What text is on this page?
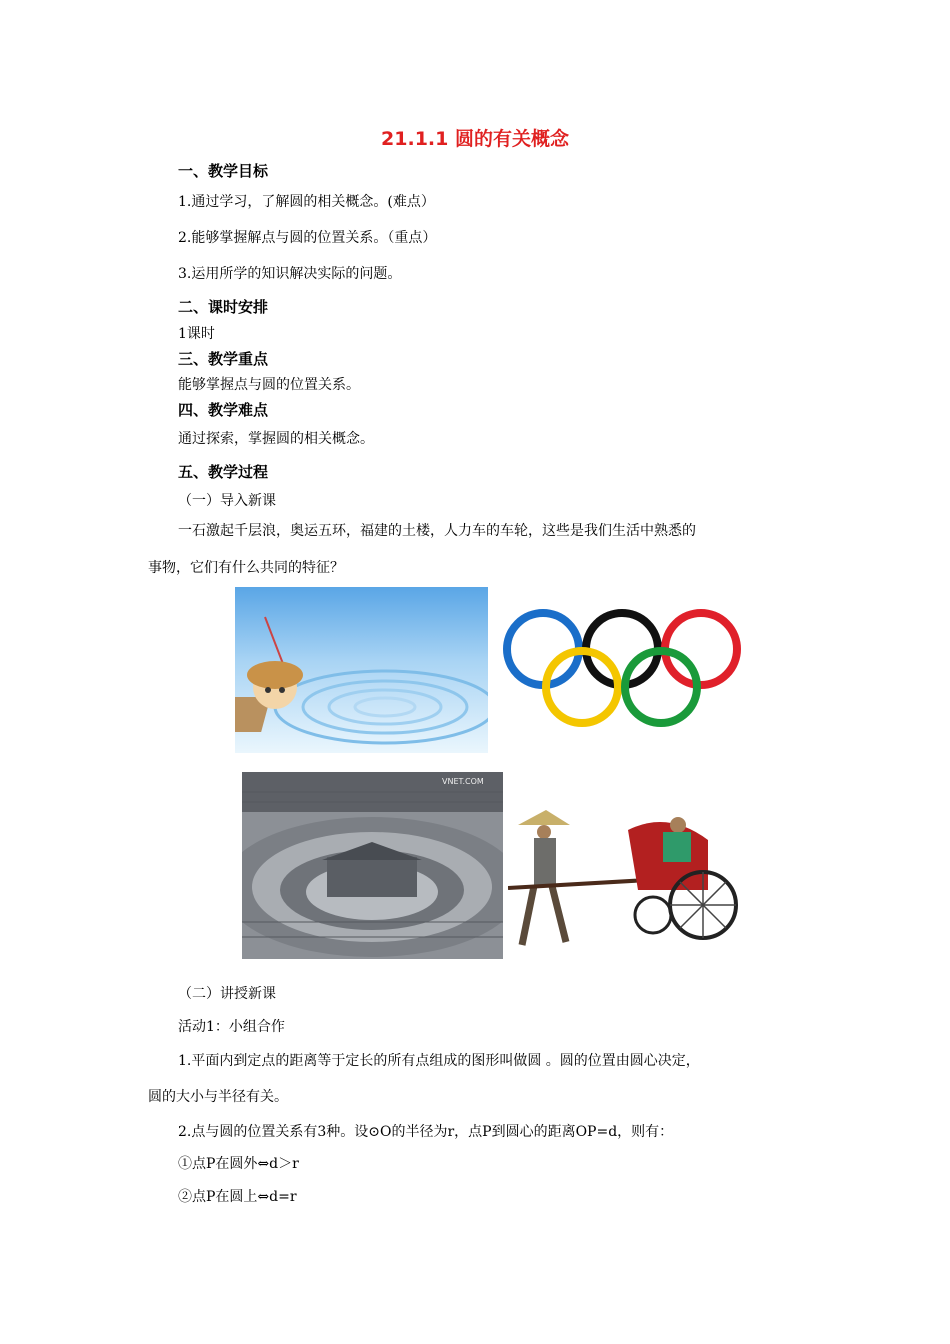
21.1.1 圆的有关概念
一、教学目标
1.通过学习，了解圆的相关概念。(难点）
2.能够掌握解点与圆的位置关系。（重点）
3.运用所学的知识解决实际的问题。
二、课时安排
1课时
三、教学重点
能够掌握点与圆的位置关系。
四、教学难点
通过探索，掌握圆的相关概念。
五、教学过程
（一）导入新课
一石激起千层浪，奥运五环，福建的土楼，人力车的车轮，这些是我们生活中熟悉的
事物，它们有什么共同的特征？
VNET.COM
（二）讲授新课
活动1：小组合作
1.平面内到定点的距离等于定长的所有点组成的图形叫做圆 。圆的位置由圆心决定，
圆的大小与半径有关。
2.点与圆的位置关系有3种。设⊙O的半径为r，点P到圆心的距离OP=d，则有：
①点P在圆外⇔d＞r
②点P在圆上⇔d=r
